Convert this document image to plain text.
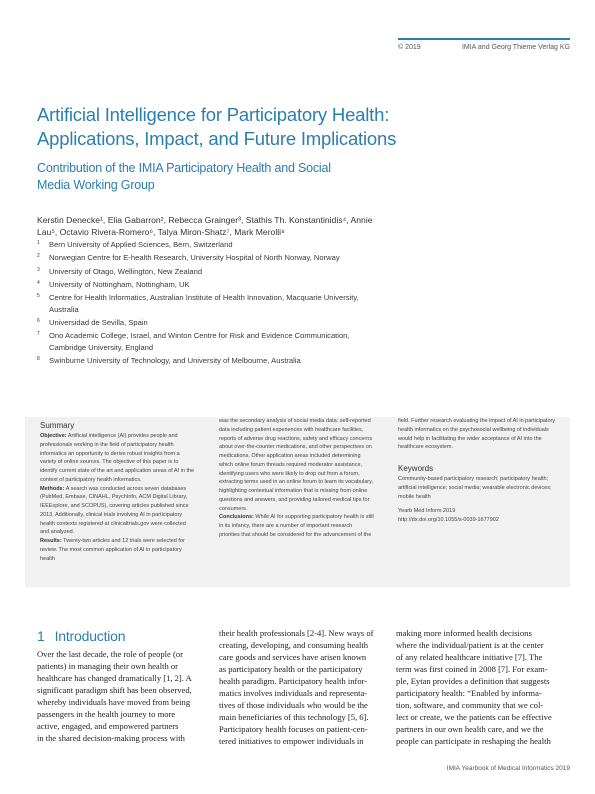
© 2019	IMIA and Georg Thieme Verlag KG
Artificial Intelligence for Participatory Health:
Applications, Impact, and Future Implications
Contribution of the IMIA Participatory Health and Social
Media Working Group
Kerstin Denecke¹, Elia Gabarron², Rebecca Grainger³, Stathis Th. Konstantinidis⁴, Annie
Lau⁵, Octavio Rivera-Romero⁶, Talya Miron-Shatz⁷, Mark Merolli⁸
1 Bern University of Applied Sciences, Bern, Switzerland
2 Norwegian Centre for E-health Research, University Hospital of North Norway, Norway
3 University of Otago, Wellington, New Zealand
4 University of Nottingham, Nottingham, UK
5 Centre for Health Informatics, Australian Institute of Health Innovation, Macquarie University, Australia
6 Universidad de Sevilla, Spain
7 Ono Academic College, Israel, and Winton Centre for Risk and Evidence Communication, Cambridge University, England
8 Swinburne University of Technology, and University of Melbourne, Australia
Summary
Objective: Artificial intelligence (AI) provides people and professionals working in the field of participatory health informatics an opportunity to derive robust insights from a variety of online sources. The objective of this paper is to identify current state of the art and application areas of AI in the context of participatory health informatics.
Methods: A search was conducted across seven databases (PubMed, Embase, CINAHL, PsychInfo, ACM Digital Library, IEEExplore, and SCOPUS), covering articles published since 2013. Additionally, clinical trials involving AI in participatory health contexts registered at clinicaltrials.gov were collected and analyzed.
Results: Twenty-two articles and 12 trials were selected for review. The most common application of AI in participatory health
was the secondary analysis of social media data: self-reported data including patient experiences with healthcare facilities, reports of adverse drug reactions, safety and efficacy concerns about over-the-counter medications, and other perspectives on medications. Other application areas included determining which online forum threads required moderator assistance, identifying users who were likely to drop out from a forum, extracting terms used in an online forum to learn its vocabulary, highlighting contextual information that is missing from online questions and answers, and providing tailored medical tips for consumers.
Conclusions: While AI for supporting participatory health is still in its infancy, there are a number of important research priorities that should be considered for the advancement of the
field. Further research evaluating the impact of AI in participatory health informatics on the psychosocial wellbeing of individuals would help in facilitating the wider acceptance of AI into the healthcare ecosystem.
Keywords
Community-based participatory research; participatory health; artificial intelligence; social media; wearable electronic devices; mobile health
Yearb Med Inform 2019
http://dx.doi.org/10.1055/s-0039-1677902
1 Introduction
Over the last decade, the role of people (or
patients) in managing their own health or
healthcare has changed dramatically [1, 2]. A
significant paradigm shift has been observed,
whereby individuals have moved from being
passengers in the health journey to more
active, engaged, and empowered partners
in the shared decision-making process with
their health professionals [2-4]. New ways of
creating, developing, and consuming health
care goods and services have arisen known
as participatory health or the participatory
health paradigm. Participatory health infor-
matics involves individuals and representa-
tives of those individuals who would be the
main beneficiaries of this technology [5, 6].
Participatory health focuses on patient-cen-
tered initiatives to empower individuals in
making more informed health decisions
where the individual/patient is at the center
of any related healthcare initiative [7]. The
term was first coined in 2008 [7]. For exam-
ple, Eytan provides a definition that suggests
participatory health: “Enabled by informa-
tion, software, and community that we col-
lect or create, we the patients can be effective
partners in our own health care, and we the
people can participate in reshaping the health
IMIA Yearbook of Medical Informatics 2019
